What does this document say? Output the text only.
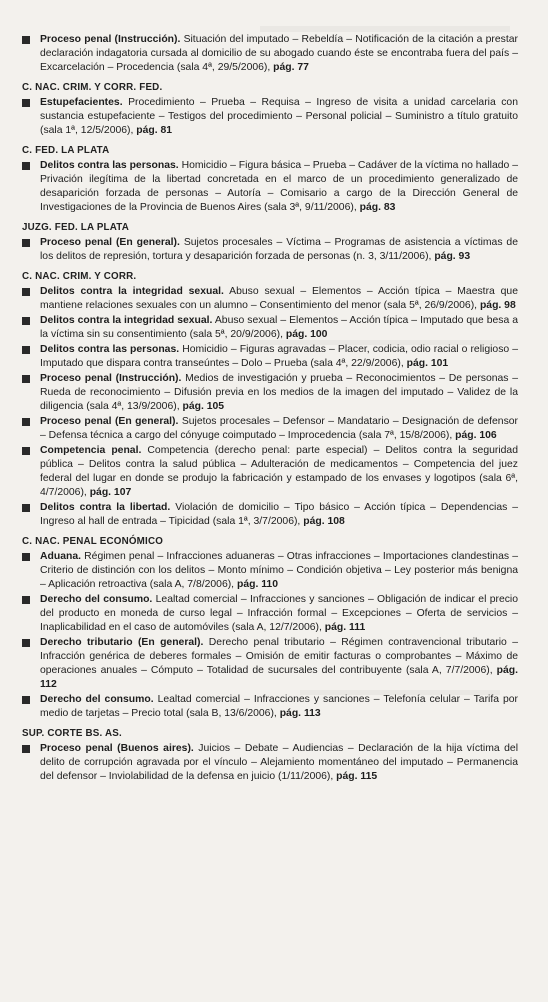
Proceso penal (Instrucción). Situación del imputado – Rebeldía – Notificación de la citación a prestar declaración indagatoria cursada al domicilio de su abogado cuando éste se encontraba fuera del país – Excarcelación – Procedencia (sala 4ª, 29/5/2006), pág. 77
C. NAC. CRIM. Y CORR. FED.
Estupefacientes. Procedimiento – Prueba – Requisa – Ingreso de visita a unidad carcelaria con sustancia estupefaciente – Testigos del procedimiento – Personal policial – Suministro a título gratuito (sala 1ª, 12/5/2006), pág. 81
C. FED. LA PLATA
Delitos contra las personas. Homicidio – Figura básica – Prueba – Cadáver de la víctima no hallado – Privación ilegítima de la libertad concretada en el marco de un procedimiento generalizado de desaparición forzada de personas – Autoría – Comisario a cargo de la Dirección General de Investigaciones de la Provincia de Buenos Aires (sala 3ª, 9/11/2006), pág. 83
JUZG. FED. LA PLATA
Proceso penal (En general). Sujetos procesales – Víctima – Programas de asistencia a víctimas de los delitos de represión, tortura y desaparición forzada de personas (n. 3, 3/11/2006), pág. 93
C. NAC. CRIM. Y CORR.
Delitos contra la integridad sexual. Abuso sexual – Elementos – Acción típica – Maestra que mantiene relaciones sexuales con un alumno – Consentimiento del menor (sala 5ª, 26/9/2006), pág. 98
Delitos contra la integridad sexual. Abuso sexual – Elementos – Acción típica – Imputado que besa a la víctima sin su consentimiento (sala 5ª, 20/9/2006), pág. 100
Delitos contra las personas. Homicidio – Figuras agravadas – Placer, codicia, odio racial o religioso – Imputado que dispara contra transeúntes – Dolo – Prueba (sala 4ª, 22/9/2006), pág. 101
Proceso penal (Instrucción). Medios de investigación y prueba – Reconocimientos – De personas – Rueda de reconocimiento – Difusión previa en los medios de la imagen del imputado – Validez de la diligencia (sala 4ª, 13/9/2006), pág. 105
Proceso penal (En general). Sujetos procesales – Defensor – Mandatario – Designación de defensor – Defensa técnica a cargo del cónyuge coimputado – Improcedencia (sala 7ª, 15/8/2006), pág. 106
Competencia penal. Competencia (derecho penal: parte especial) – Delitos contra la seguridad pública – Delitos contra la salud pública – Adulteración de medicamentos – Competencia del juez federal del lugar en donde se produjo la fabricación y estampado de los envases y logotipos (sala 6ª, 4/7/2006), pág. 107
Delitos contra la libertad. Violación de domicilio – Tipo básico – Acción típica – Dependencias – Ingreso al hall de entrada – Tipicidad (sala 1ª, 3/7/2006), pág. 108
C. NAC. PENAL ECONÓMICO
Aduana. Régimen penal – Infracciones aduaneras – Otras infracciones – Importaciones clandestinas – Criterio de distinción con los delitos – Monto mínimo – Condición objetiva – Ley posterior más benigna – Aplicación retroactiva (sala A, 7/8/2006), pág. 110
Derecho del consumo. Lealtad comercial – Infracciones y sanciones – Obligación de indicar el precio del producto en moneda de curso legal – Infracción formal – Excepciones – Oferta de servicios – Inaplicabilidad en el caso de automóviles (sala A, 12/7/2006), pág. 111
Derecho tributario (En general). Derecho penal tributario – Régimen contravencional tributario – Infracción genérica de deberes formales – Omisión de emitir facturas o comprobantes – Máximo de operaciones anuales – Cómputo – Totalidad de sucursales del contribuyente (sala A, 7/7/2006), pág. 112
Derecho del consumo. Lealtad comercial – Infracciones y sanciones – Telefonía celular – Tarifa por medio de tarjetas – Precio total (sala B, 13/6/2006), pág. 113
SUP. CORTE BS. AS.
Proceso penal (Buenos aires). Juicios – Debate – Audiencias – Declaración de la hija víctima del delito de corrupción agravada por el vínculo – Alejamiento momentáneo del imputado – Permanencia del defensor – Inviolabilidad de la defensa en juicio (1/11/2006), pág. 115
